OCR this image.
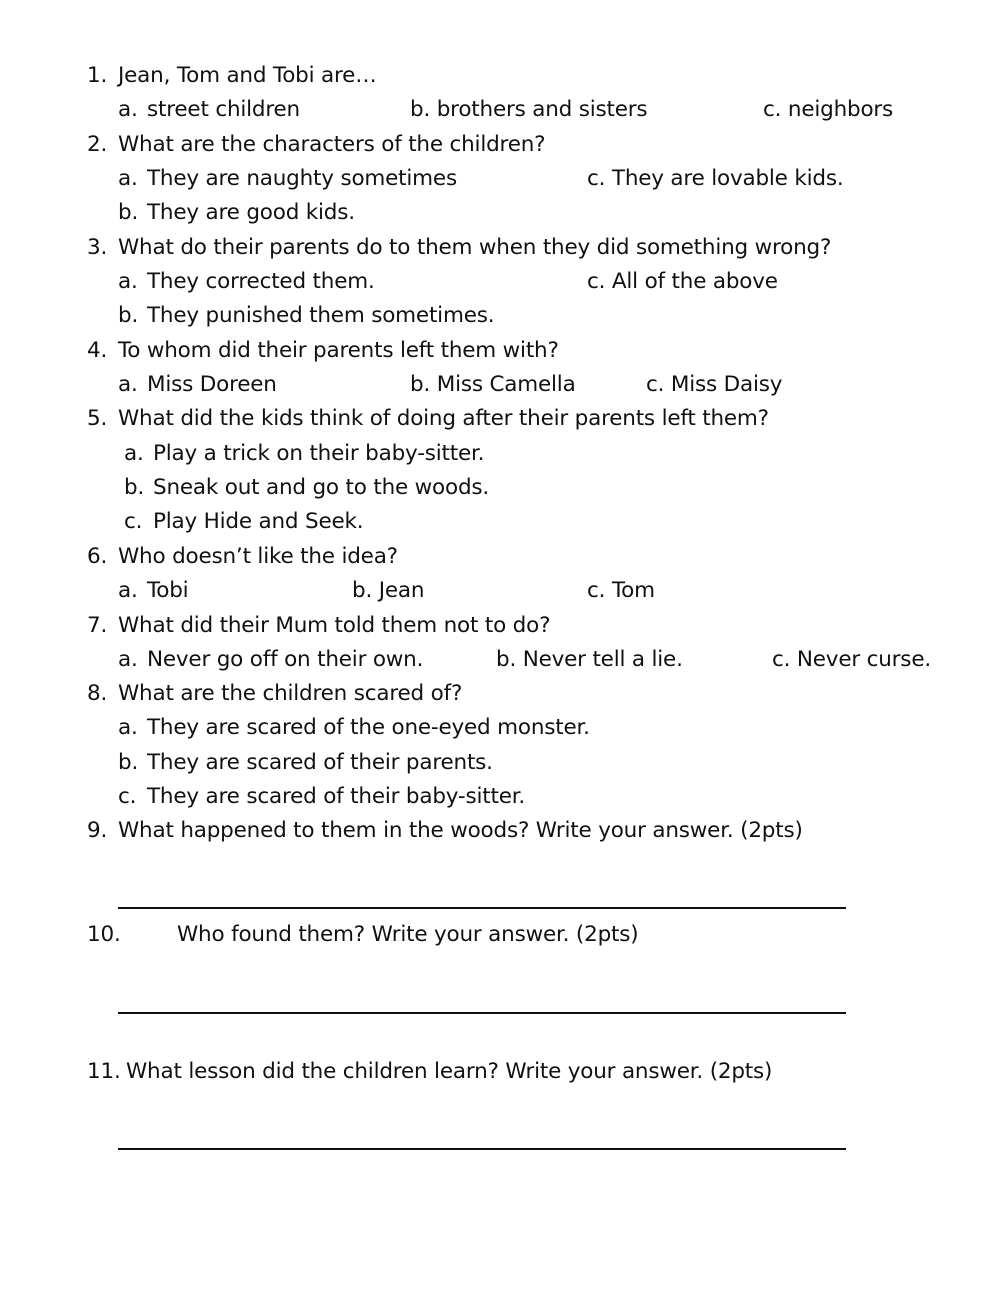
1. Jean, Tom and Tobi are…
a. street children	b. brothers and sisters	c. neighbors
2. What are the characters of the children?
a. They are naughty sometimes	c. They are lovable kids.
b. They are good kids.
3. What do their parents do to them when they did something wrong?
a. They corrected them.	c. All of the above
b. They punished them sometimes.
4. To whom did their parents left them with?
a. Miss Doreen	b. Miss Camella	c. Miss Daisy
5. What did the kids think of doing after their parents left them?
a. Play a trick on their baby-sitter.
b. Sneak out and go to the woods.
c. Play Hide and Seek.
6. Who doesn’t like the idea?
a. Tobi	b. Jean	c. Tom
7. What did their Mum told them not to do?
a. Never go off on their own.	b. Never tell a lie.	c. Never curse.
8. What are the children scared of?
a. They are scared of the one-eyed monster.
b. They are scared of their parents.
c. They are scared of their baby-sitter.
9. What happened to them in the woods? Write your answer. (2pts)
10.	Who found them? Write your answer. (2pts)
11. What lesson did the children learn? Write your answer. (2pts)
